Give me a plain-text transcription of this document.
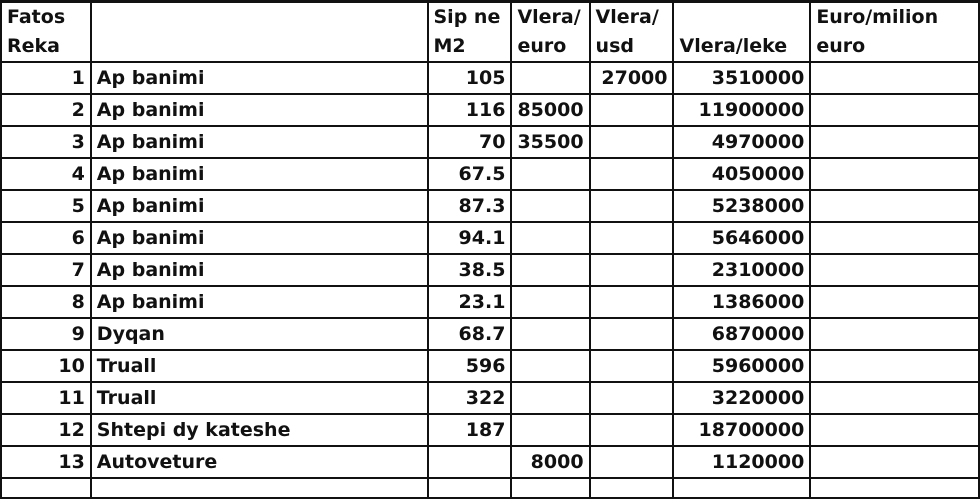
Fatos		Sip ne	Vlera/	Vlera/		Euro/milion
Reka		M2	euro	usd	Vlera/leke	euro
1	Ap banimi	105		27000	3510000	
2	Ap banimi	116	85000		11900000	
3	Ap banimi	70	35500		4970000	
4	Ap banimi	67.5			4050000	
5	Ap banimi	87.3			5238000	
6	Ap banimi	94.1			5646000	
7	Ap banimi	38.5			2310000	
8	Ap banimi	23.1			1386000	
9	Dyqan	68.7			6870000	
10	Truall	596			5960000	
11	Truall	322			3220000	
12	Shtepi dy kateshe	187			18700000	
13	Autoveture		8000		1120000	
